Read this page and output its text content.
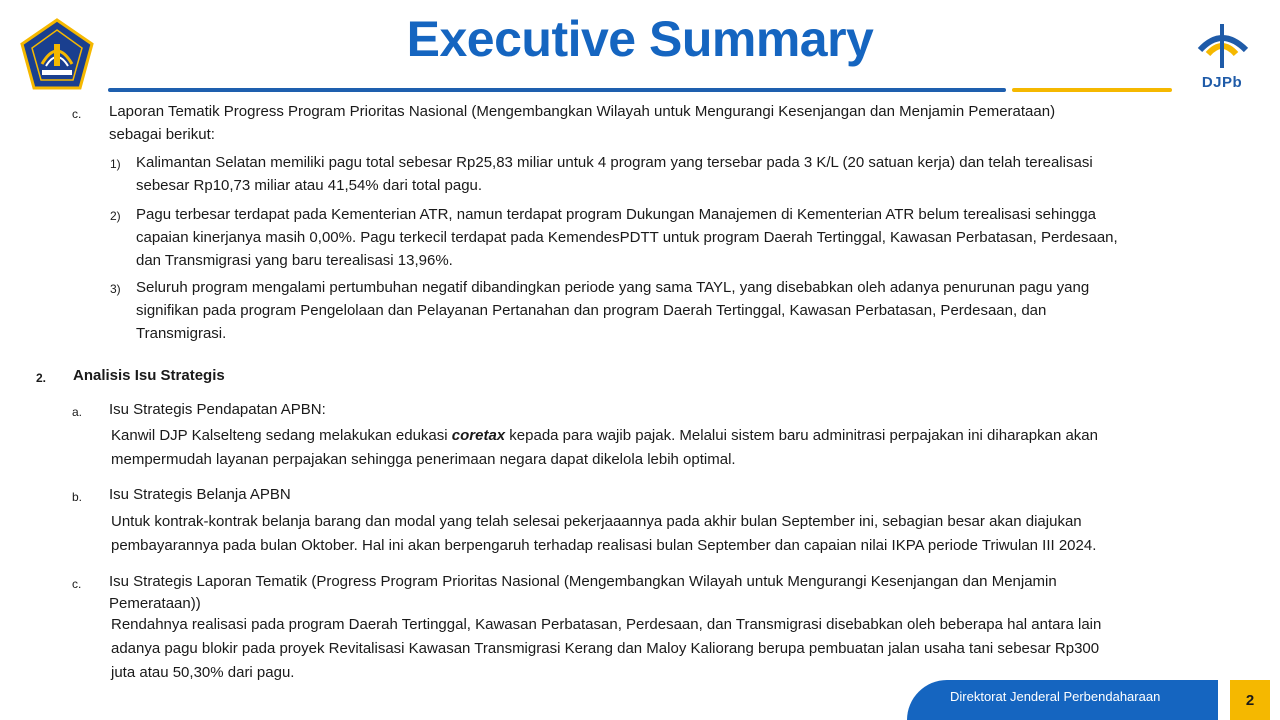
Executive Summary
DJPb
c. Laporan Tematik Progress Program Prioritas Nasional (Mengembangkan Wilayah untuk Mengurangi Kesenjangan dan Menjamin Pemerataan)
sebagai berikut:
1) Kalimantan Selatan memiliki pagu total sebesar Rp25,83 miliar untuk 4 program yang tersebar pada 3 K/L (20 satuan kerja) dan telah terealisasi
sebesar Rp10,73 miliar atau 41,54% dari total pagu.
2) Pagu terbesar terdapat pada Kementerian ATR, namun terdapat program Dukungan Manajemen di Kementerian ATR belum terealisasi sehingga
capaian kinerjanya masih 0,00%. Pagu terkecil terdapat pada KemendesPDTT untuk program Daerah Tertinggal, Kawasan Perbatasan, Perdesaan,
dan Transmigrasi yang baru terealisasi 13,96%.
3) Seluruh program mengalami pertumbuhan negatif dibandingkan periode yang sama TAYL, yang disebabkan oleh adanya penurunan pagu yang
signifikan pada program Pengelolaan dan Pelayanan Pertanahan dan program Daerah Tertinggal, Kawasan Perbatasan, Perdesaan, dan
Transmigrasi.
2. Analisis Isu Strategis
a. Isu Strategis Pendapatan APBN:
Kanwil DJP Kalselteng sedang melakukan edukasi coretax kepada para wajib pajak. Melalui sistem baru adminitrasi perpajakan ini diharapkan akan
mempermudah layanan perpajakan sehingga penerimaan negara dapat dikelola lebih optimal.
b. Isu Strategis Belanja APBN
Untuk kontrak-kontrak belanja barang dan modal yang telah selesai pekerjaaannya pada akhir bulan September ini, sebagian besar akan diajukan
pembayarannya pada bulan Oktober. Hal ini akan berpengaruh terhadap realisasi bulan September dan capaian nilai IKPA periode Triwulan III 2024.
c. Isu Strategis Laporan Tematik (Progress Program Prioritas Nasional (Mengembangkan Wilayah untuk Mengurangi Kesenjangan dan Menjamin
Pemerataan))
Rendahnya realisasi pada program Daerah Tertinggal, Kawasan Perbatasan, Perdesaan, dan Transmigrasi disebabkan oleh beberapa hal antara lain
adanya pagu blokir pada proyek Revitalisasi Kawasan Transmigrasi Kerang dan Maloy Kaliorang berupa pembuatan jalan usaha tani sebesar Rp300
juta atau 50,30% dari pagu.
Direktorat Jenderal Perbendaharaan	2
